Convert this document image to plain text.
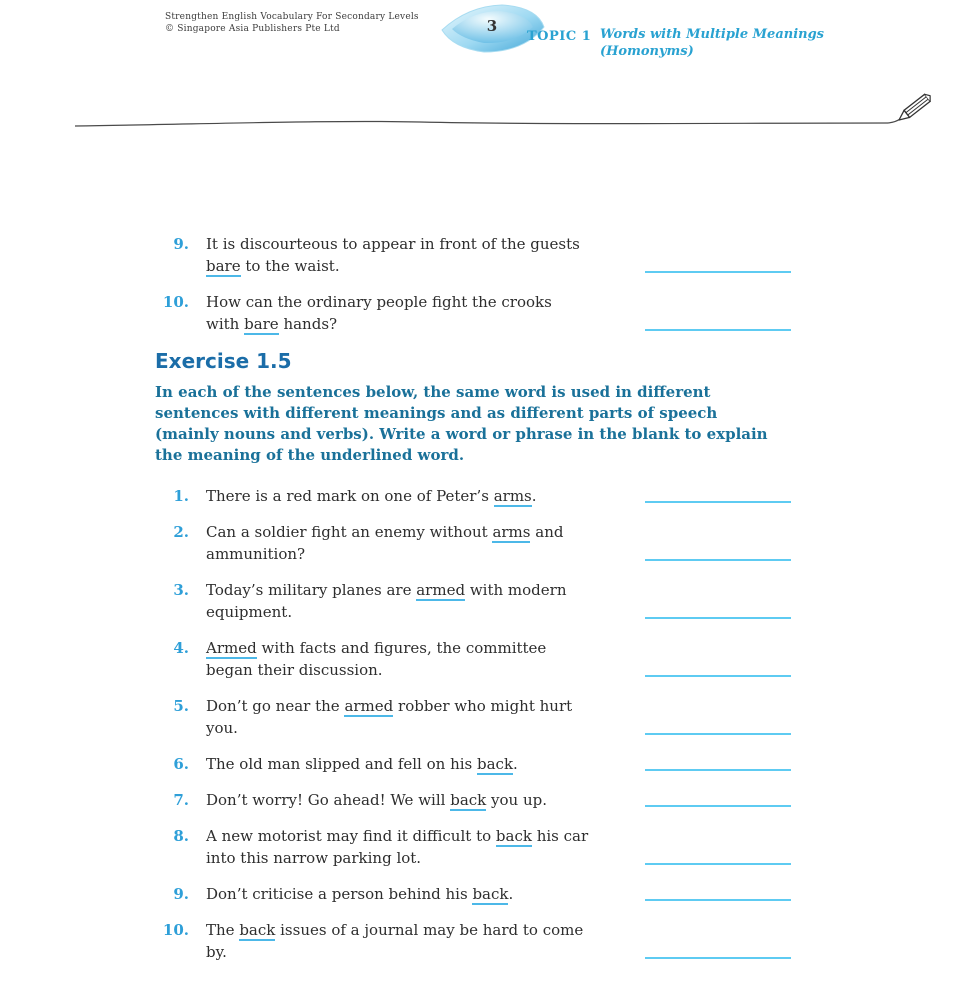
Strengthen English Vocabulary For Secondary Levels
© Singapore Asia Publishers Pte Ltd	3
TOPIC 1 Words with Multiple Meanings
(Homonyms)
9. It is discourteous to appear in front of the guests
bare to the waist.
10. How can the ordinary people fight the crooks
with bare hands?
Exercise 1.5

In each of the sentences below, the same word is used in different
sentences with different meanings and as different parts of speech
(mainly nouns and verbs). Write a word or phrase in the blank to explain
the meaning of the underlined word.

1. There is a red mark on one of Peter’s arms.
2. Can a soldier fight an enemy without arms and
ammunition?
3. Today’s military planes are armed with modern
equipment.
4. Armed with facts and figures, the committee
began their discussion.
5. Don’t go near the armed robber who might hurt
you.
6. The old man slipped and fell on his back.
7. Don’t worry! Go ahead! We will back you up.
8. A new motorist may find it difficult to back his car
into this narrow parking lot.
9. Don’t criticise a person behind his back.
10. The back issues of a journal may be hard to come
by.
